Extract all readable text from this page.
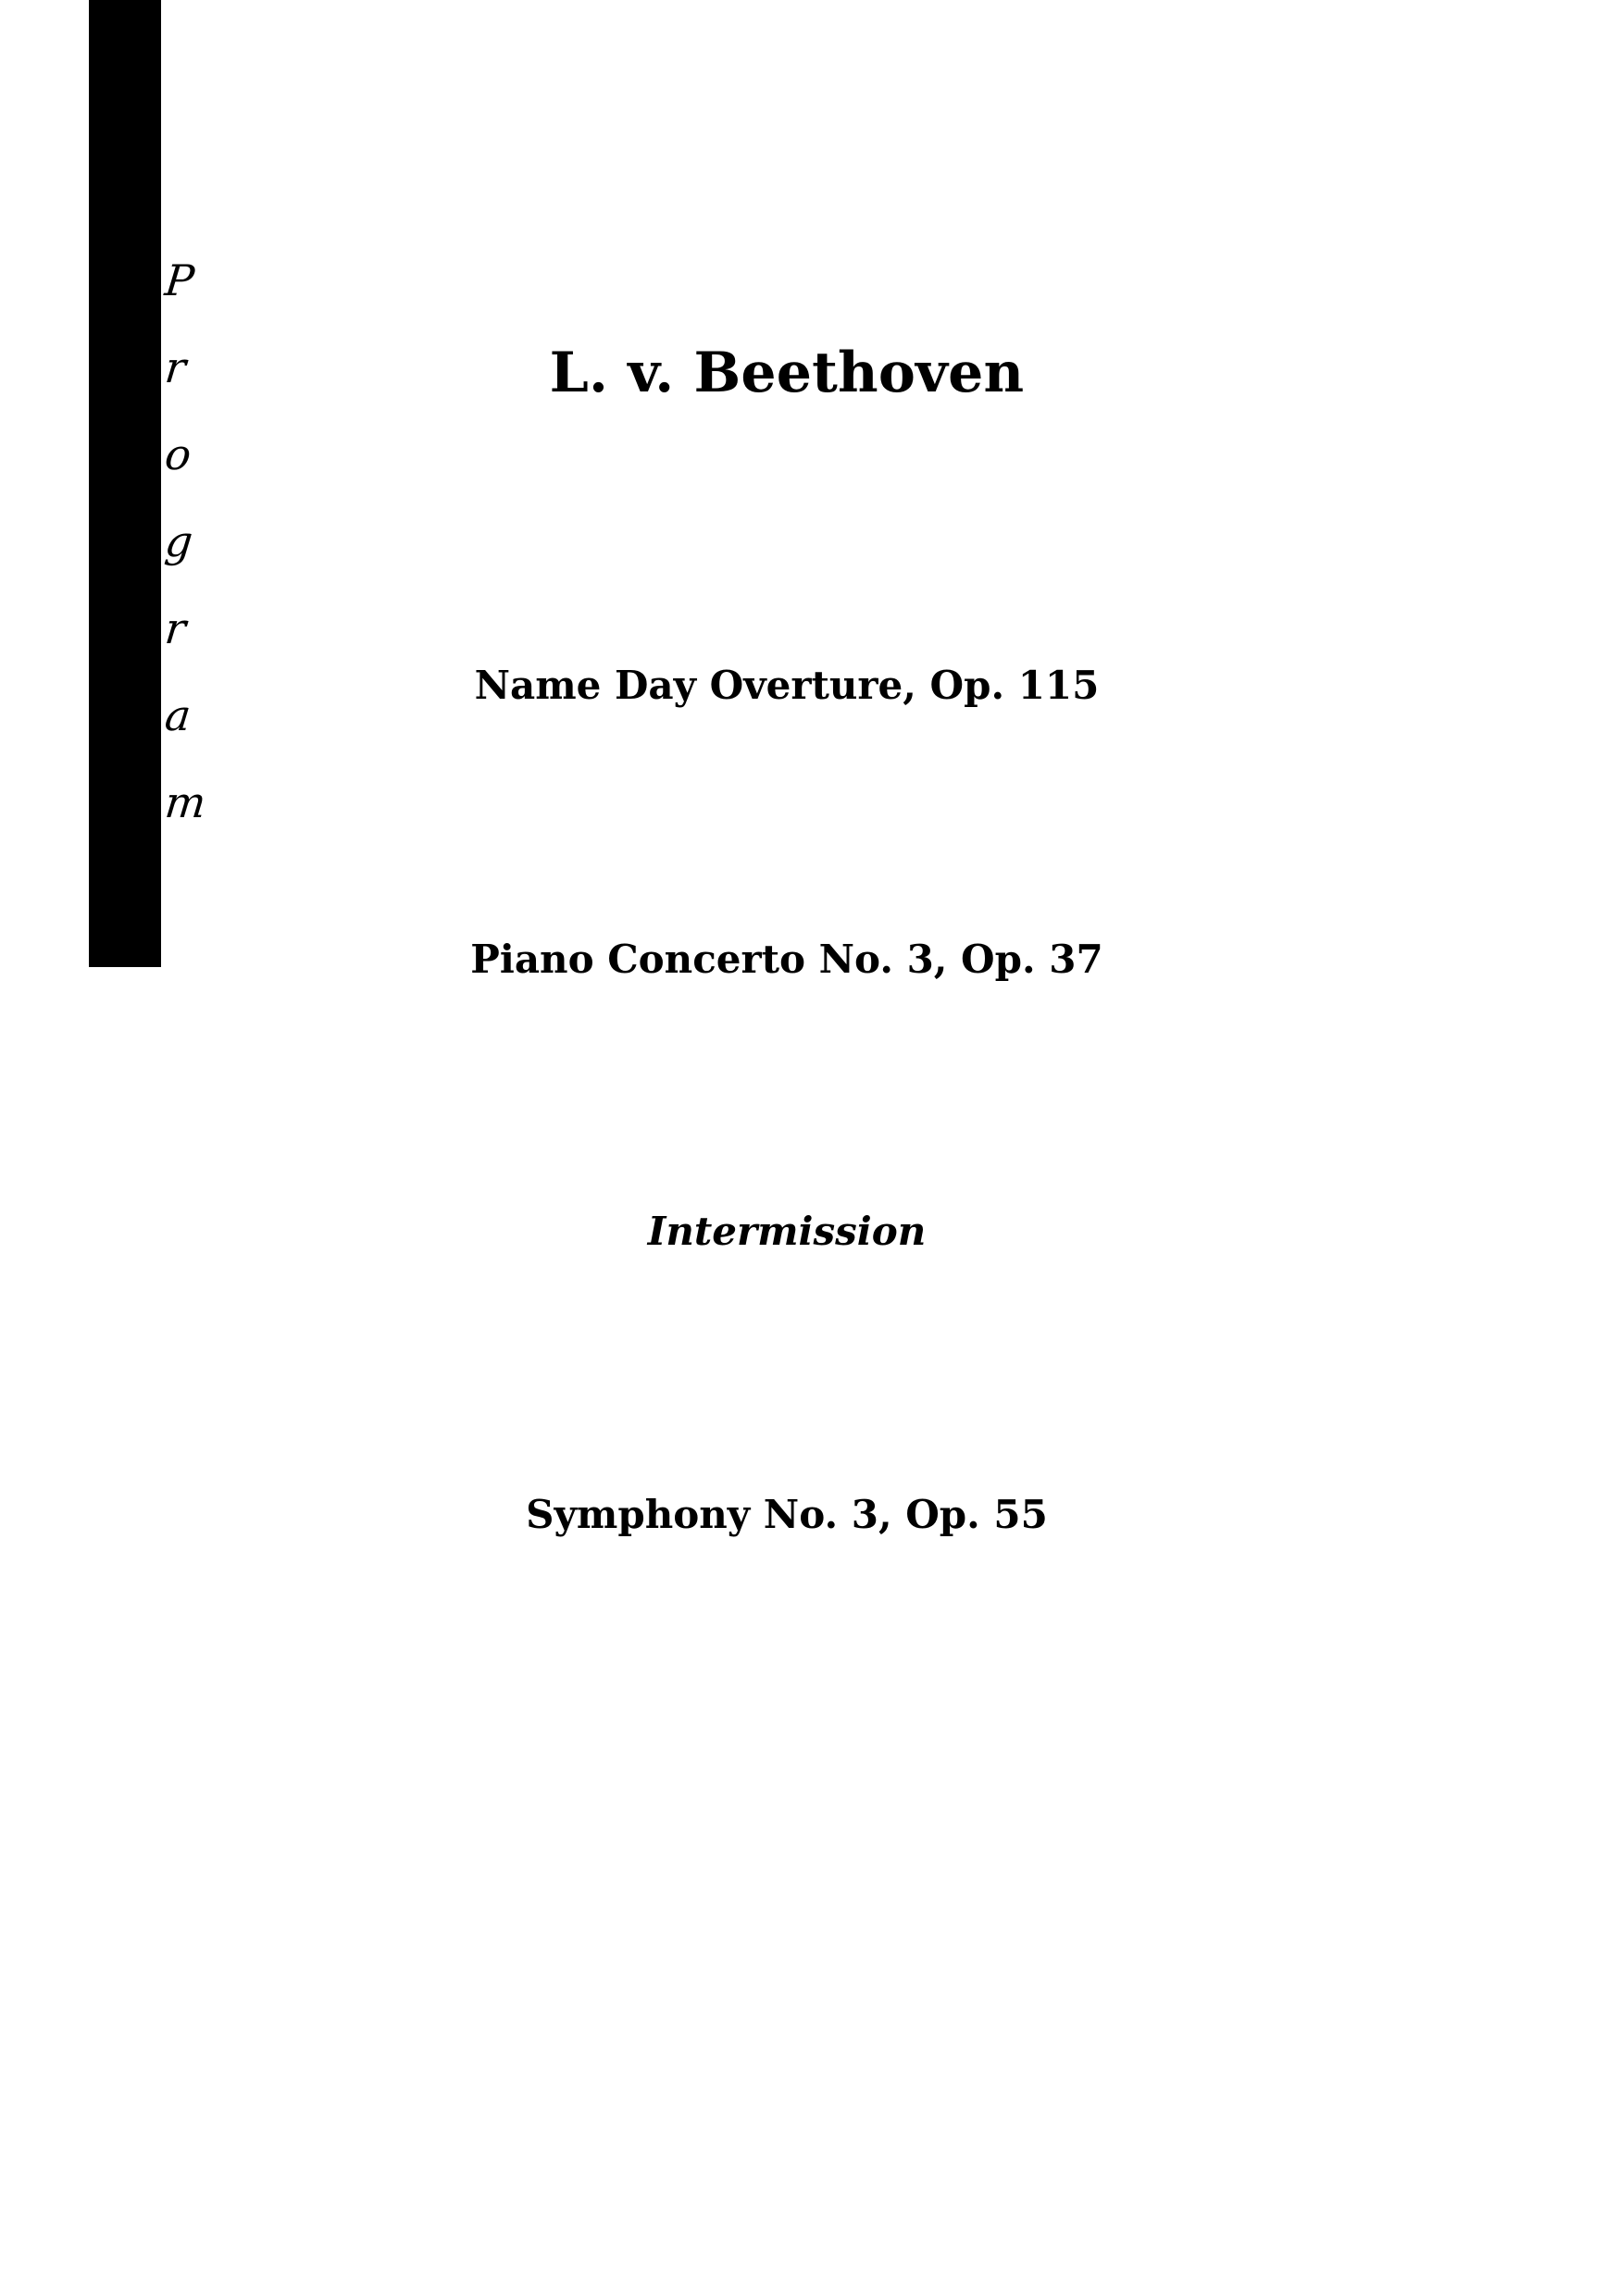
P
r
o
g
r
a
m
L. v. Beethoven
Name Day Overture, Op. 115
Piano Concerto No. 3, Op. 37
Intermission
Symphony No. 3, Op. 55
